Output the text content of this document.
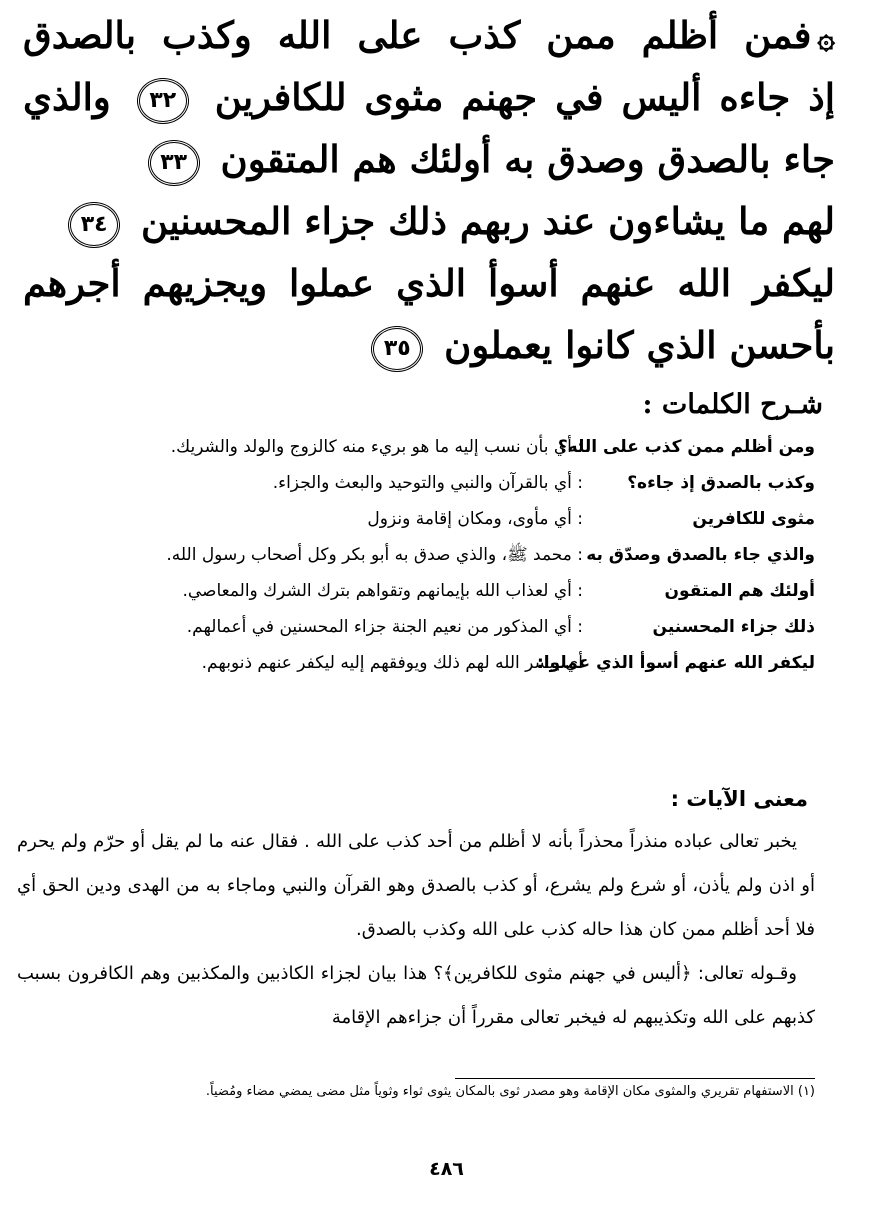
۞فمن أظلم ممن كذب على الله وكذب بالصدق
إذ جاءه أليس في جهنم مثوى للكافرين ٣٢ والذي
جاء بالصدق وصدق به أولئك هم المتقون ٣٣
لهم ما يشاءون عند ربهم ذلك جزاء المحسنين ٣٤
ليكفر الله عنهم أسوأ الذي عملوا ويجزيهم أجرهم
بأحسن الذي كانوا يعملون ٣٥
شـرح الكلمات :
ومن أظلم ممن كذب على الله؟
: أي بأن نسب إليه ما هو بريء منه كالزوج والولد والشريك.
وكذب بالصدق إذ جاءه؟
: أي بالقرآن والنبي والتوحيد والبعث والجزاء.
مثوى للكافرين
: أي مأوى، ومكان إقامة ونزول
والذي جاء بالصدق وصدّق به
: محمد ﷺ، والذي صدق به أبو بكر وكل أصحاب رسول الله.
أولئك هم المتقون
: أي لعذاب الله بإيمانهم وتقواهم بترك الشرك والمعاصي.
ذلك جزاء المحسنين
: أي المذكور من نعيم الجنة جزاء المحسنين في أعمالهم.
ليكفر الله عنهم أسوأ الذي عملوا:
أي ييسر الله لهم ذلك ويوفقهم إليه ليكفر عنهم ذنوبهم.
معنى الآيات :

يخبر تعالى عباده منذراً محذراً بأنه لا أظلم من أحد كذب على الله . فقال عنه ما لم يقل أو حرّم ولم يحرم أو اذن ولم يأذن، أو شرع ولم يشرع، أو كذب بالصدق وهو القرآن والنبي وماجاء به من الهدى ودين الحق أي فلا أحد أظلم ممن كان هذا حاله كذب على الله وكذب بالصدق.

وقـوله تعالى: ﴿أليس في جهنم مثوى للكافرين﴾؟ هذا بيان لجزاء الكاذبين والمكذبين وهم الكافرون بسبب كذبهم على الله وتكذيبهم له فيخبر تعالى مقرراً أن جزاءهم الإقامة

(١) الاستفهام تقريري والمثوى مكان الإقامة وهو مصدر ثوى بالمكان يثوى ثواء وثوياً مثل مضى يمضي مضاء ومُضياً.
٤٨٦
